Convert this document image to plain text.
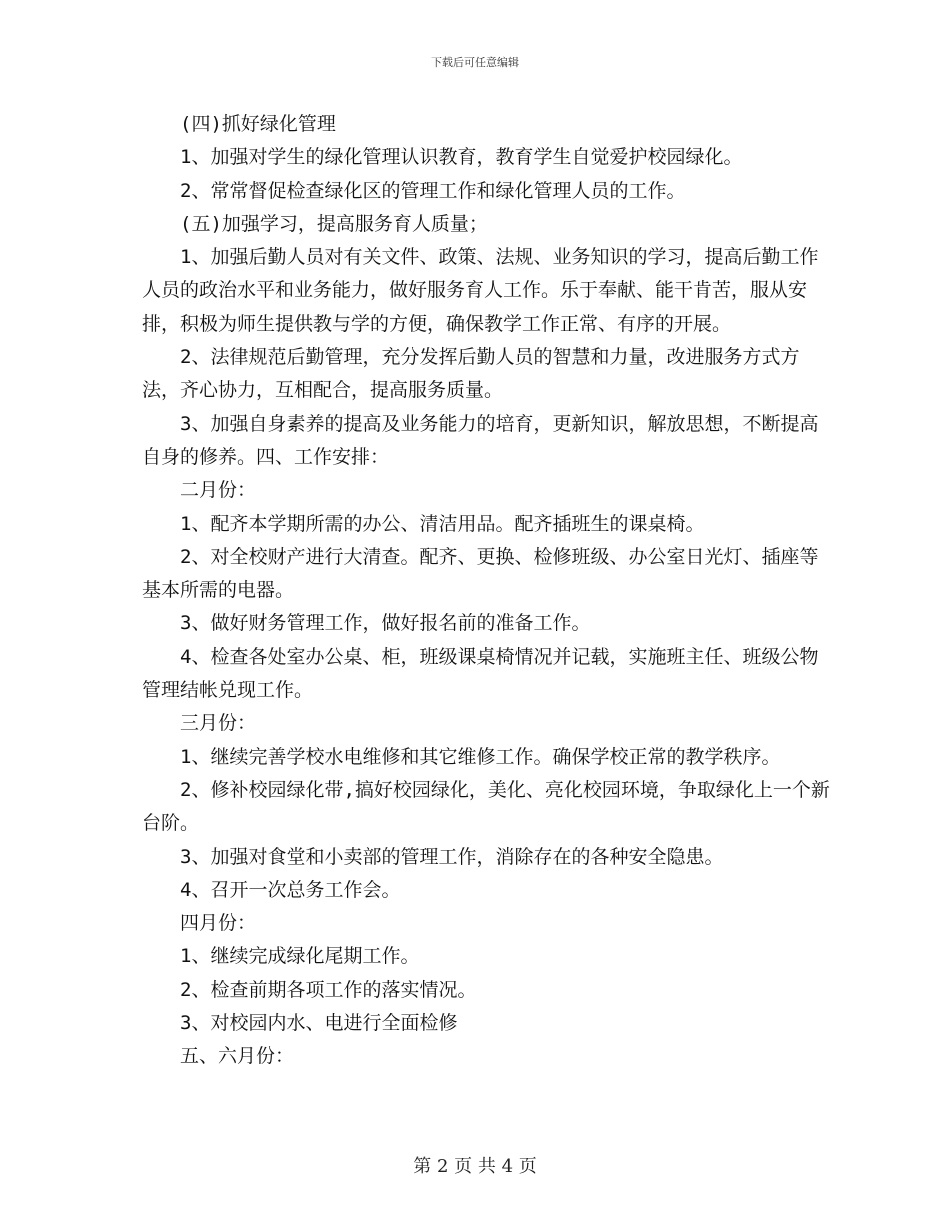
下载后可任意编辑

(四)抓好绿化管理

1、加强对学生的绿化管理认识教育，教育学生自觉爱护校园绿化。

2、常常督促检查绿化区的管理工作和绿化管理人员的工作。

(五)加强学习，提高服务育人质量；

1、加强后勤人员对有关文件、政策、法规、业务知识的学习，提高后勤工作人员的政治水平和业务能力，做好服务育人工作。乐于奉献、能干肯苦，服从安排，积极为师生提供教与学的方便，确保教学工作正常、有序的开展。

2、法律规范后勤管理，充分发挥后勤人员的智慧和力量，改进服务方式方法，齐心协力，互相配合，提高服务质量。

3、加强自身素养的提高及业务能力的培育，更新知识，解放思想，不断提高自身的修养。四、工作安排：

二月份：

1、配齐本学期所需的办公、清洁用品。配齐插班生的课桌椅。

2、对全校财产进行大清查。配齐、更换、检修班级、办公室日光灯、插座等基本所需的电器。

3、做好财务管理工作，做好报名前的准备工作。

4、检查各处室办公桌、柜，班级课桌椅情况并记载，实施班主任、班级公物管理结帐兑现工作。

三月份：

1、继续完善学校水电维修和其它维修工作。确保学校正常的教学秩序。

2、修补校园绿化带,搞好校园绿化，美化、亮化校园环境，争取绿化上一个新台阶。

3、加强对食堂和小卖部的管理工作，消除存在的各种安全隐患。

4、召开一次总务工作会。

四月份：

1、继续完成绿化尾期工作。

2、检查前期各项工作的落实情况。

3、对校园内水、电进行全面检修

五、六月份：

第 2 页 共 4 页
